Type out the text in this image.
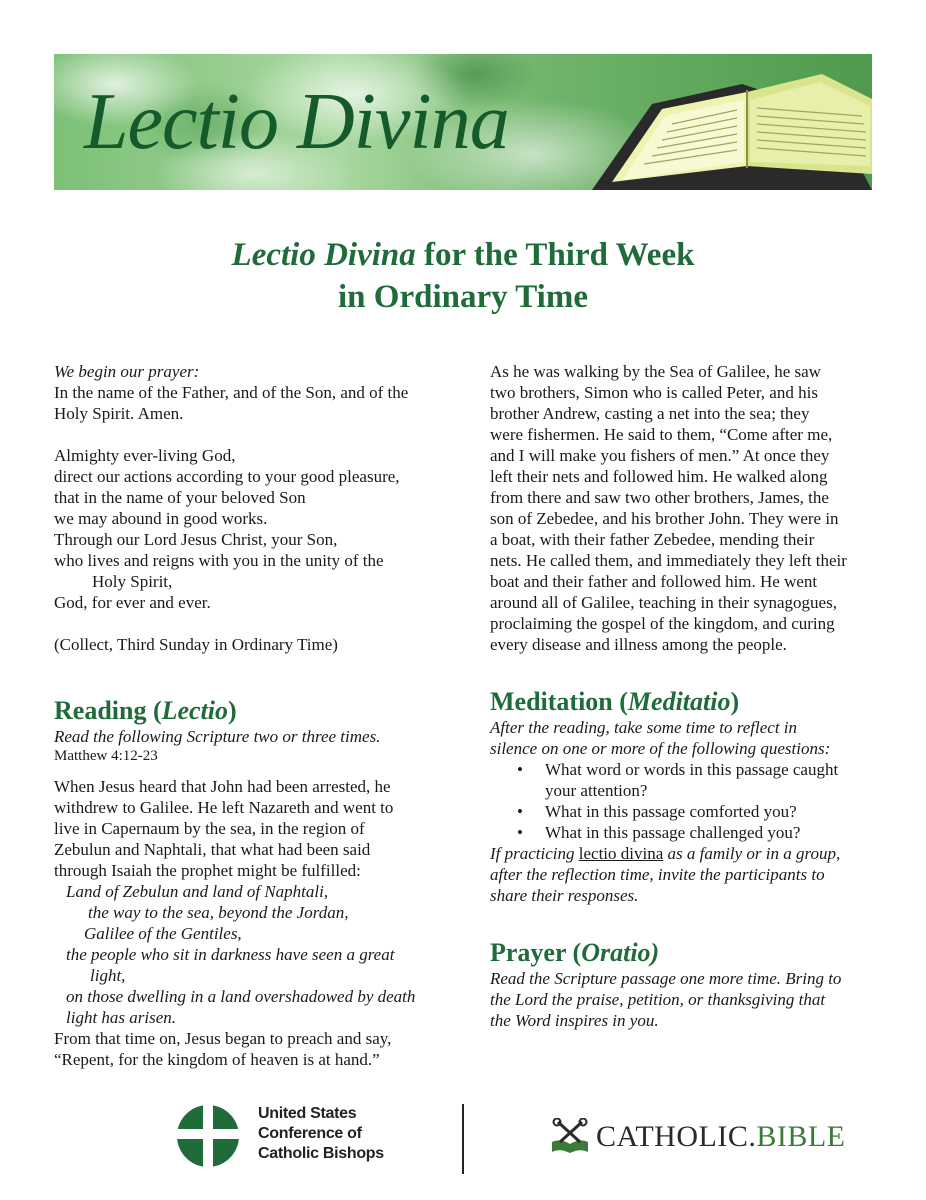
Lectio Divina
Lectio Divina for the Third Week
in Ordinary Time

We begin our prayer:

In the name of the Father, and of the Son, and of the

Holy Spirit. Amen.

Almighty ever-living God,

direct our actions according to your good pleasure,

that in the name of your beloved Son

we may abound in good works.

Through our Lord Jesus Christ, your Son,

who lives and reigns with you in the unity of the

Holy Spirit,

God, for ever and ever.

(Collect, Third Sunday in Ordinary Time)

Reading (Lectio)

Read the following Scripture two or three times.

Matthew 4:12-23

When Jesus heard that John had been arrested, he

withdrew to Galilee. He left Nazareth and went to

live in Capernaum by the sea, in the region of

Zebulun and Naphtali, that what had been said

through Isaiah the prophet might be fulfilled:

Land of Zebulun and land of Naphtali,

the way to the sea, beyond the Jordan,

Galilee of the Gentiles,

the people who sit in darkness have seen a great

light,

on those dwelling in a land overshadowed by death

light has arisen.

From that time on, Jesus began to preach and say,

“Repent, for the kingdom of heaven is at hand.”

As he was walking by the Sea of Galilee, he saw

two brothers, Simon who is called Peter, and his

brother Andrew, casting a net into the sea; they

were fishermen. He said to them, “Come after me,

and I will make you fishers of men.” At once they

left their nets and followed him. He walked along

from there and saw two other brothers, James, the

son of Zebedee, and his brother John. They were in

a boat, with their father Zebedee, mending their

nets. He called them, and immediately they left their

boat and their father and followed him. He went

around all of Galilee, teaching in their synagogues,

proclaiming the gospel of the kingdom, and curing

every disease and illness among the people.

Meditation (Meditatio)

After the reading, take some time to reflect in

silence on one or more of the following questions:

• What word or words in this passage caught
your attention?
• What in this passage comforted you?
• What in this passage challenged you?

If practicing lectio divina as a family or in a group,

after the reflection time, invite the participants to

share their responses.

Prayer (Oratio)

Read the Scripture passage one more time. Bring to

the Lord the praise, petition, or thanksgiving that

the Word inspires in you.

United States
Conference of
Catholic Bishops
CATHOLIC.BIBLE
